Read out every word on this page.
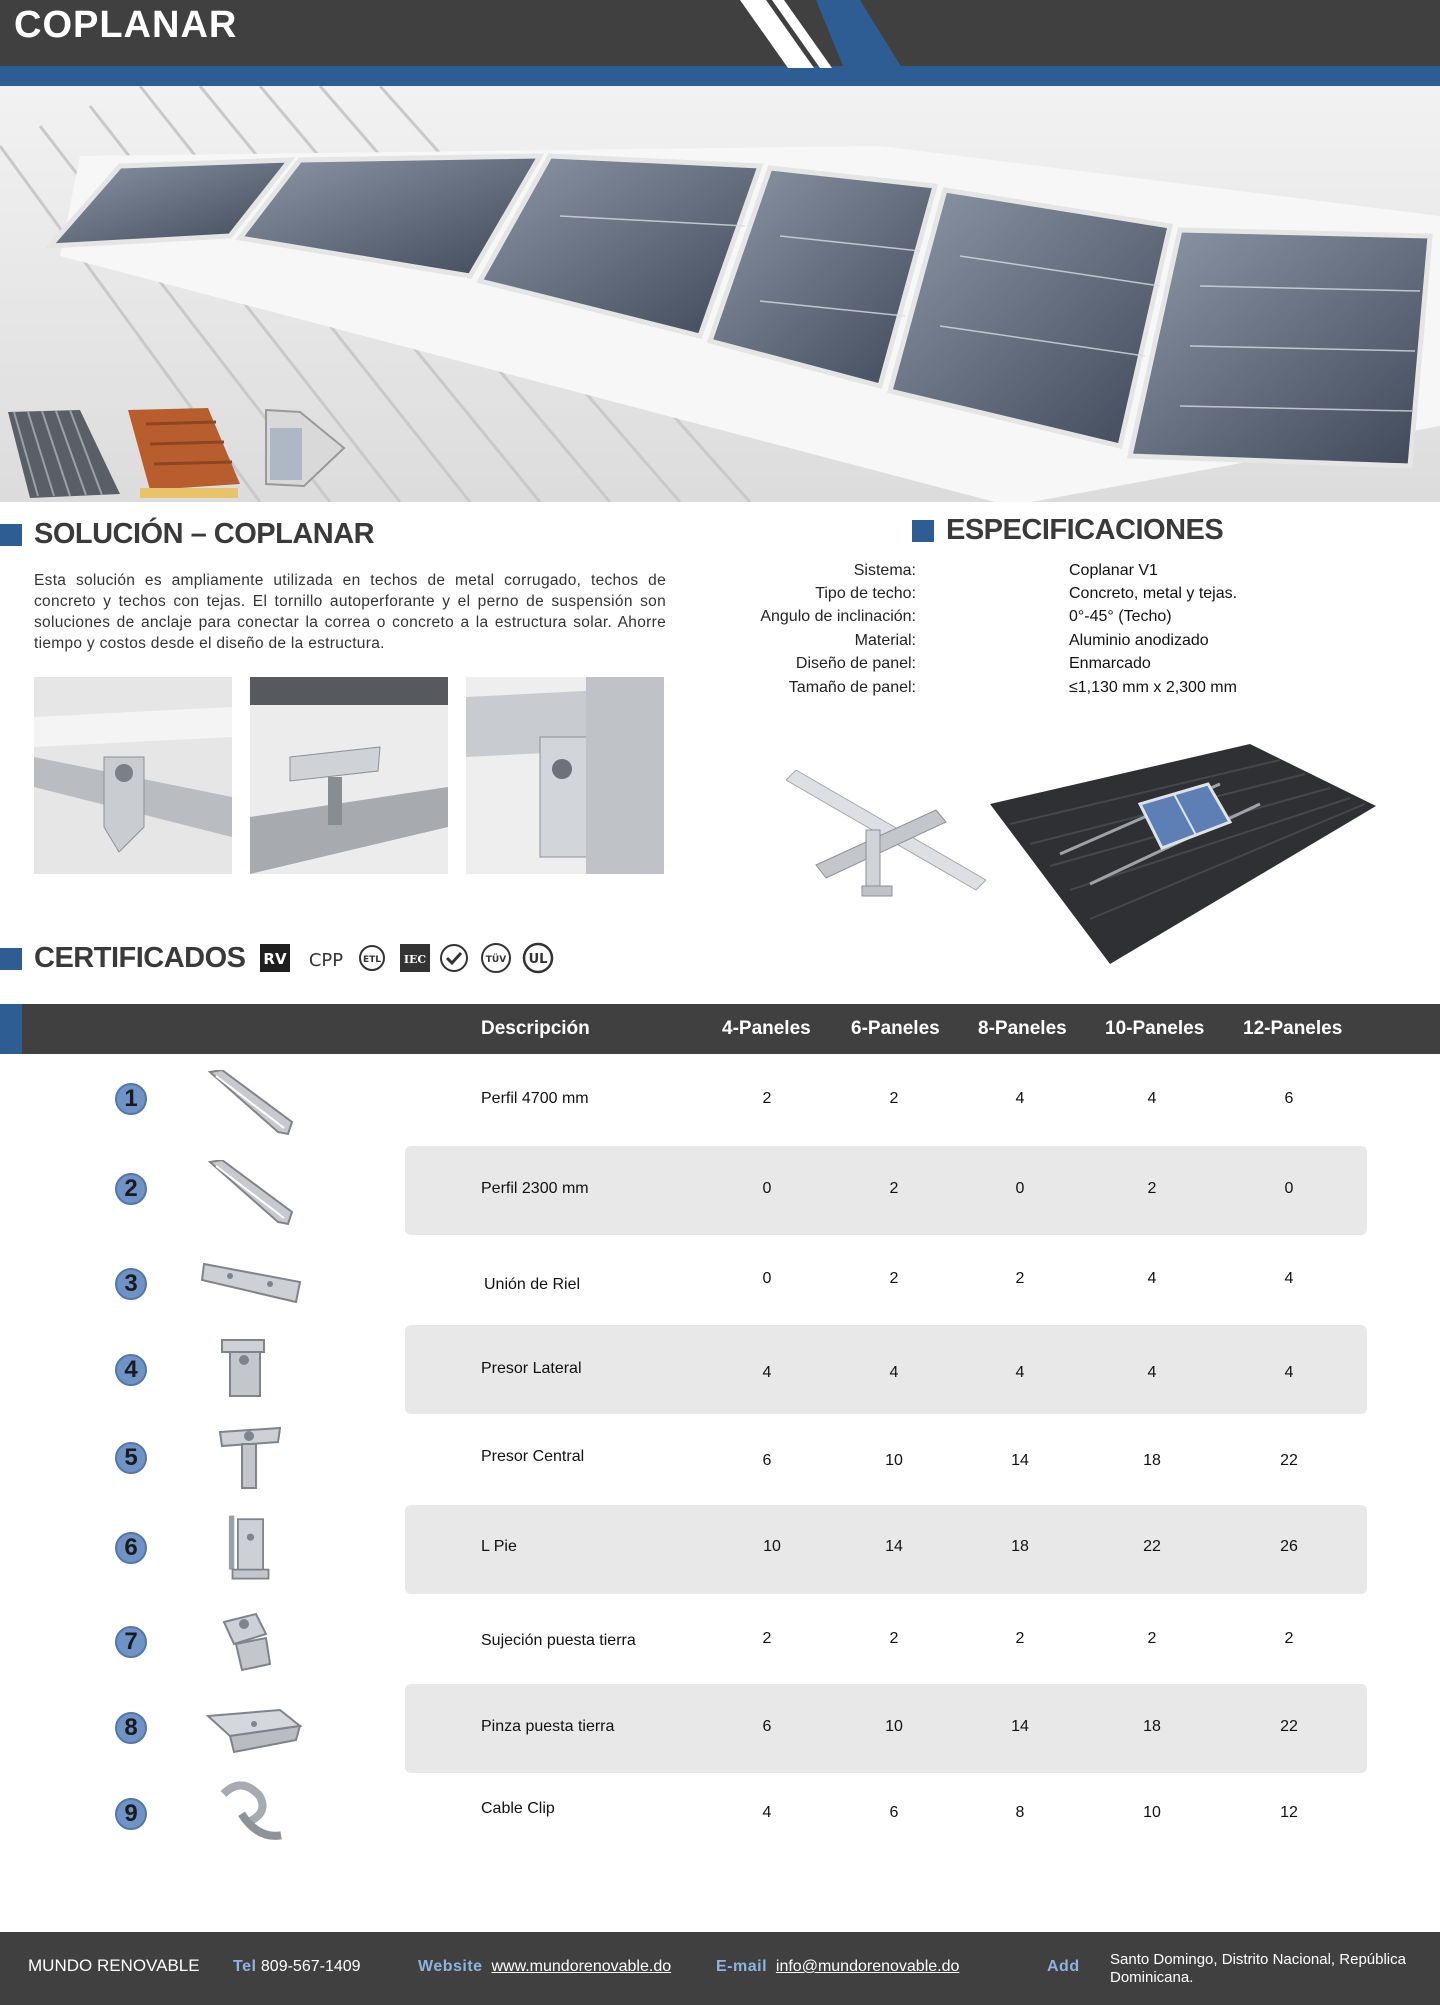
COPLANAR
SOLUCIÓN – COPLANAR

Esta solución es ampliamente utilizada en techos de metal corrugado, techos de concreto y techos con tejas. El tornillo autoperforante y el perno de suspensión son soluciones de anclaje para conectar la correa o concreto a la estructura solar. Ahorre tiempo y costos desde el diseño de la estructura.

ESPECIFICACIONES
Sistema:	Coplanar V1
Tipo de techo:	Concreto, metal y tejas.
Angulo de inclinación:	0°-45° (Techo)
Material:	Aluminio anodizado
Diseño de panel:	Enmarcado
Tamaño de panel:	≤1,130 mm x 2,300 mm
CERTIFICADOS RV CPP ETL IEC	TÜV UL
Descripción	4-Paneles 6-Paneles 8-Paneles 10-Paneles 12-Paneles
1	Perfil 4700 mm	2	2	4	4	6
2	Perfil 2300 mm	0	2	0	2	0
3	Unión de Riel	0	2	2	4	4
4	Presor Lateral	4	4	4	4	4
5	Presor Central	6	10	14	18	22
6	L Pie	10	14	18	22	26
7	Sujeción puesta tierra	2	2	2	2	2
8	Pinza puesta tierra	6	10	14	18	22
9	Cable Clip	4	6	8	10	12
MUNDO RENOVABLE Tel 809-567-1409	Website www.mundorenovable.do	E-mail info@mundorenovable.do	Add Santo Domingo, Distrito Nacional, República Dominicana.
